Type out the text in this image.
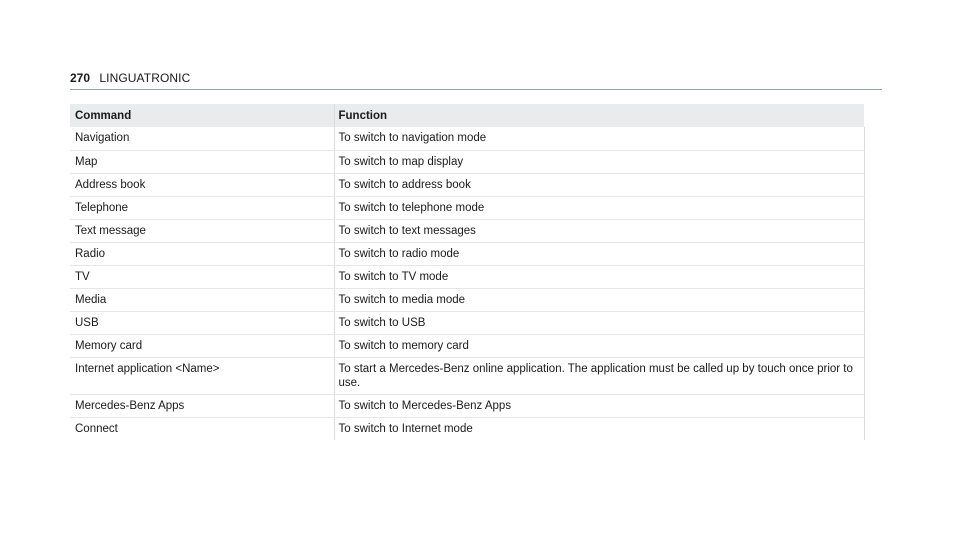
270 LINGUATRONIC
Command	Function
Navigation	To switch to navigation mode
Map	To switch to map display
Address book	To switch to address book
Telephone	To switch to telephone mode
Text message	To switch to text messages
Radio	To switch to radio mode
TV	To switch to TV mode
Media	To switch to media mode
USB	To switch to USB
Memory card	To switch to memory card
Internet application <Name>	To start a Mercedes-Benz online application. The application must be called up by touch once prior to use.
Mercedes-Benz Apps	To switch to Mercedes-Benz Apps
Connect	To switch to Internet mode
